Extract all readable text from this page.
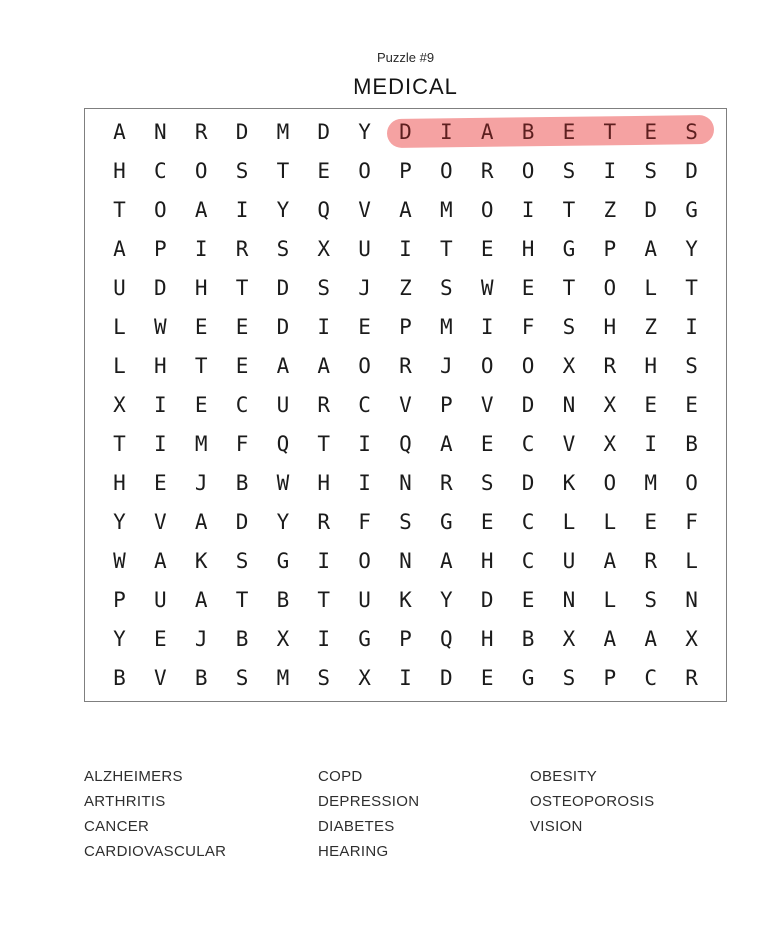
Puzzle #9
MEDICAL
A	N	R	D	M	D	Y	D	I	A	B	E	T	E	S
H	C	O	S	T	E	O	P	O	R	O	S	I	S	D
T	O	A	I	Y	Q	V	A	M	O	I	T	Z	D	G
A	P	I	R	S	X	U	I	T	E	H	G	P	A	Y
U	D	H	T	D	S	J	Z	S	W	E	T	O	L	T
L	W	E	E	D	I	E	P	M	I	F	S	H	Z	I
L	H	T	E	A	A	O	R	J	O	O	X	R	H	S
X	I	E	C	U	R	C	V	P	V	D	N	X	E	E
T	I	M	F	Q	T	I	Q	A	E	C	V	X	I	B
H	E	J	B	W	H	I	N	R	S	D	K	O	M	O
Y	V	A	D	Y	R	F	S	G	E	C	L	L	E	F
W	A	K	S	G	I	O	N	A	H	C	U	A	R	L
P	U	A	T	B	T	U	K	Y	D	E	N	L	S	N
Y	E	J	B	X	I	G	P	Q	H	B	X	A	A	X
B	V	B	S	M	S	X	I	D	E	G	S	P	C	R
ALZHEIMERS
ARTHRITIS
CANCER
CARDIOVASCULAR
COPD
DEPRESSION
DIABETES
HEARING
OBESITY
OSTEOPOROSIS
VISION
